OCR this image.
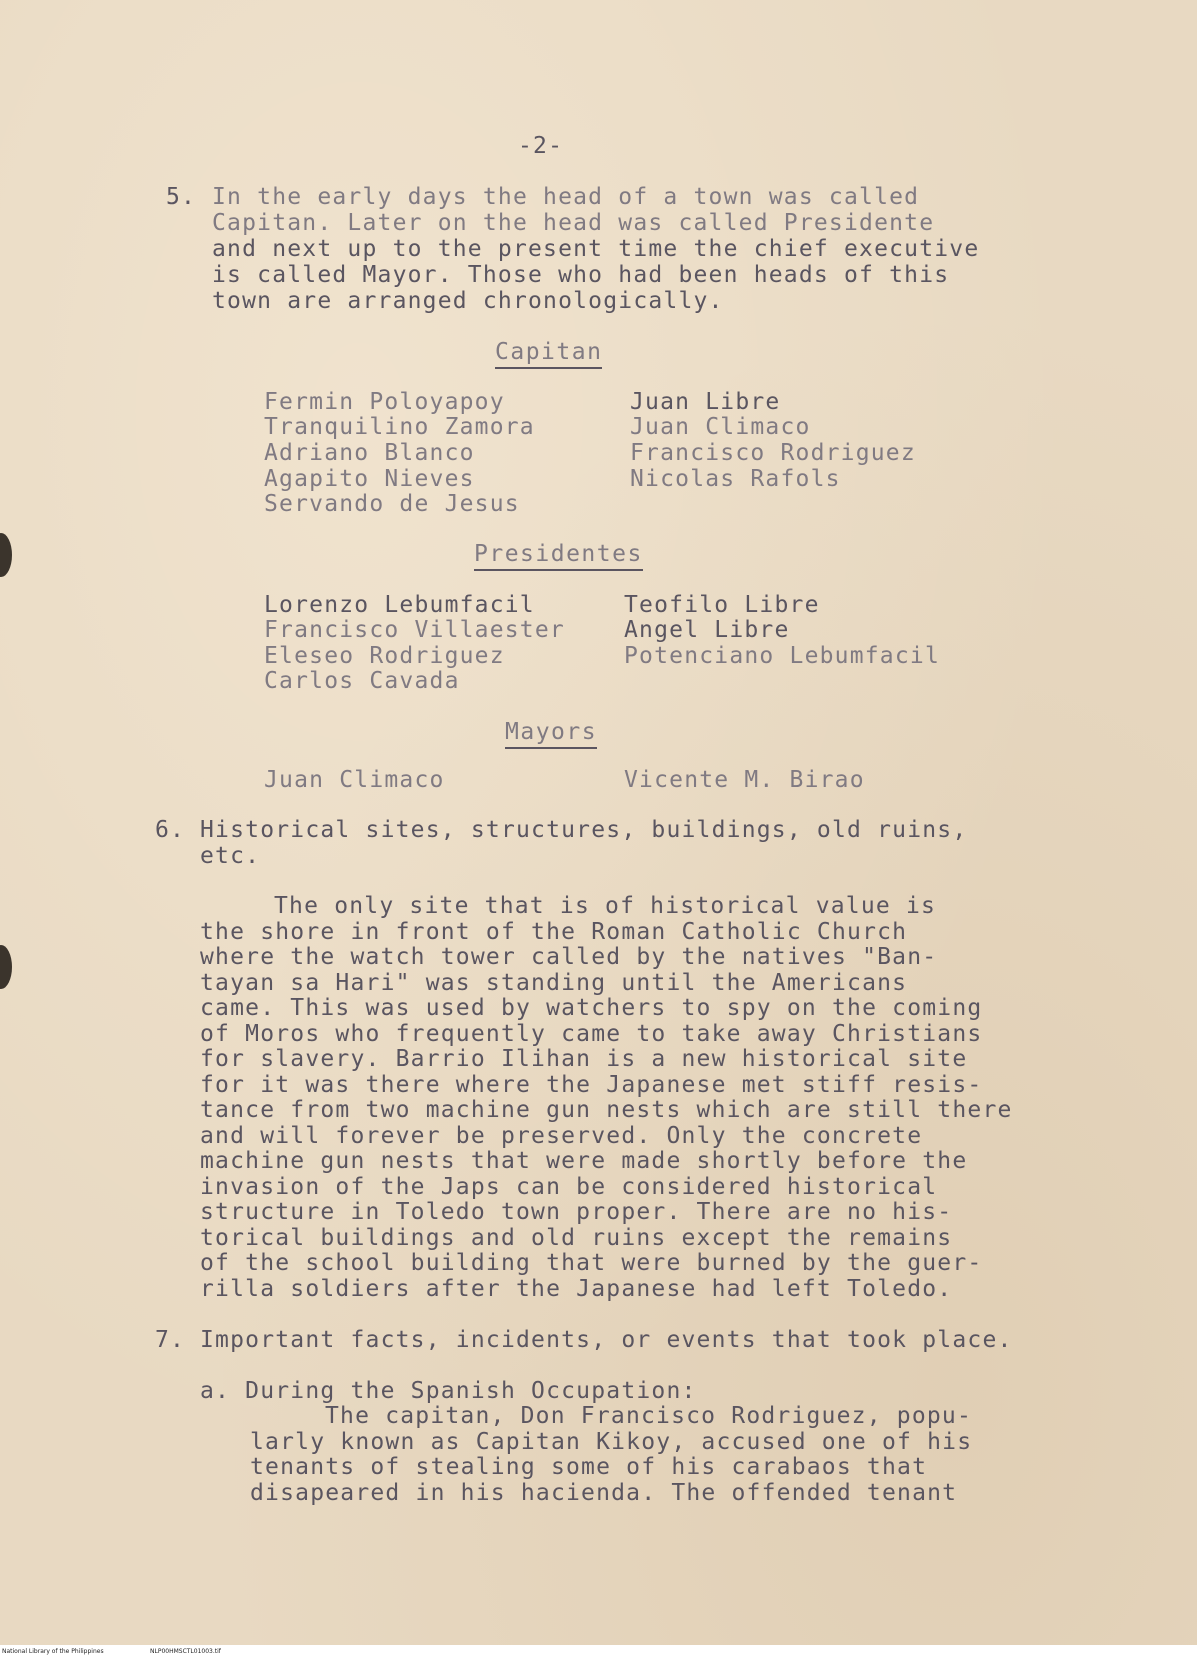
-2-
5. In the early days the head of a town was called
Capitan. Later on the head was called Presidente
and next up to the present time the chief executive
is called Mayor. Those who had been heads of this
town are arranged chronologically.
Capitan
Fermin Poloyapoy
Tranquilino Zamora
Adriano Blanco
Agapito Nieves
Servando de Jesus
Juan Libre
Juan Climaco
Francisco Rodriguez
Nicolas Rafols
Presidentes
Lorenzo Lebumfacil
Francisco Villaester
Eleseo Rodriguez
Carlos Cavada
Teofilo Libre
Angel Libre
Potenciano Lebumfacil
Mayors
Juan Climaco	Vicente M. Birao
6. Historical sites, structures, buildings, old ruins,
etc.
The only site that is of historical value is
the shore in front of the Roman Catholic Church
where the watch tower called by the natives "Ban-
tayan sa Hari" was standing until the Americans
came. This was used by watchers to spy on the coming
of Moros who frequently came to take away Christians
for slavery. Barrio Ilihan is a new historical site
for it was there where the Japanese met stiff resis-
tance from two machine gun nests which are still there
and will forever be preserved. Only the concrete
machine gun nests that were made shortly before the
invasion of the Japs can be considered historical
structure in Toledo town proper. There are no his-
torical buildings and old ruins except the remains
of the school building that were burned by the guer-
rilla soldiers after the Japanese had left Toledo.
7. Important facts, incidents, or events that took place.
a. During the Spanish Occupation:
The capitan, Don Francisco Rodriguez, popu-
larly known as Capitan Kikoy, accused one of his
tenants of stealing some of his carabaos that
disapeared in his hacienda. The offended tenant
National Library of the Philippines	NLP00HMSCTL01003.tif
